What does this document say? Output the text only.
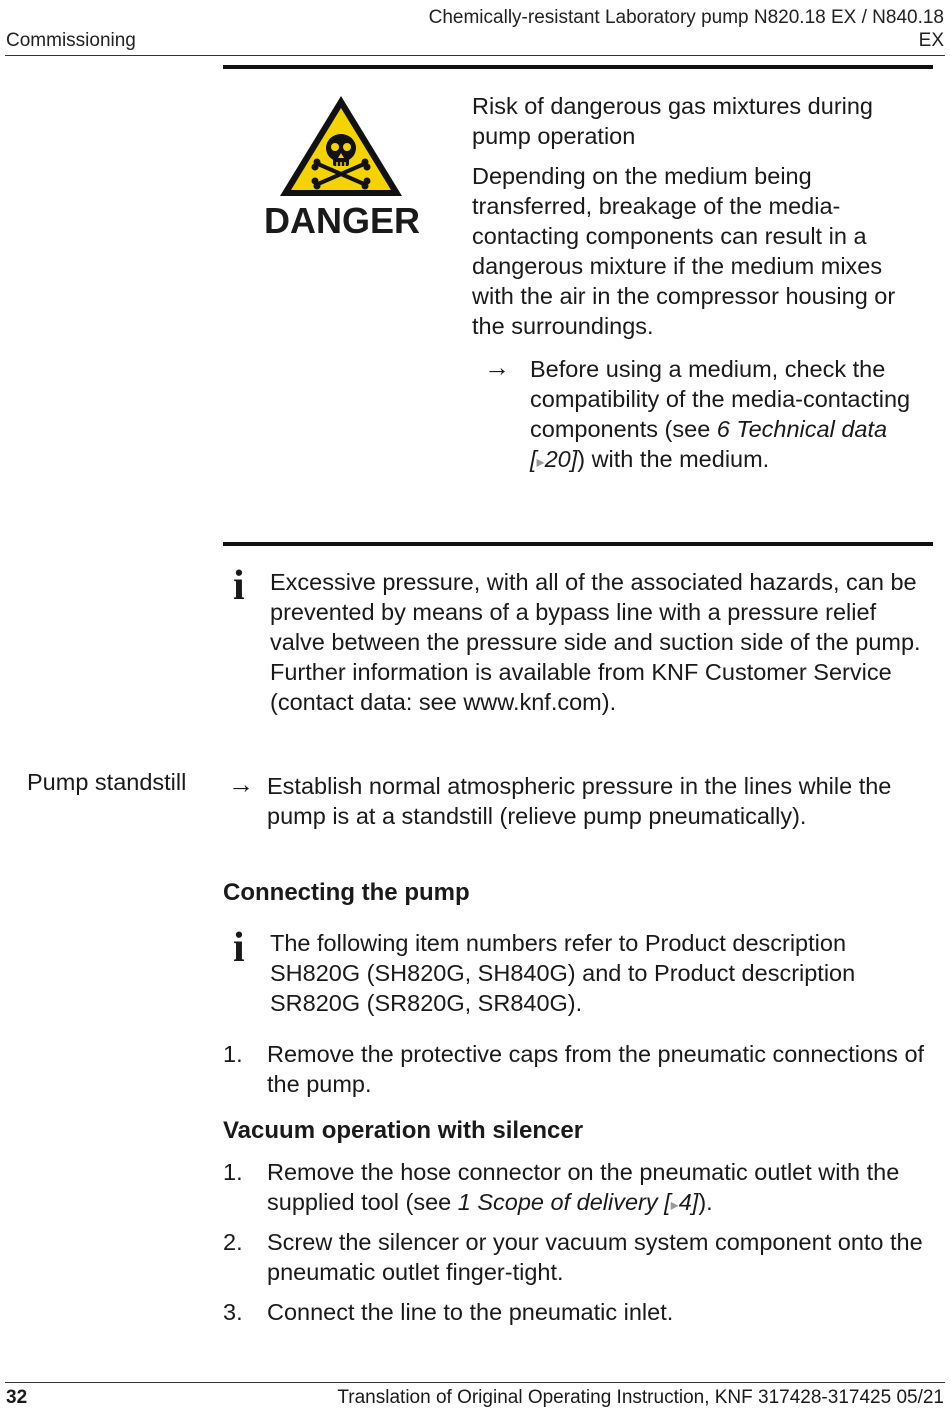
Chemically-resistant Laboratory pump N820.18 EX / N840.18
EX
Commissioning
DANGER
Risk of dangerous gas mixtures during pump operation
Depending on the medium being transferred, breakage of the media-contacting components can result in a dangerous mixture if the medium mixes with the air in the compressor housing or the surroundings.
→ Before using a medium, check the compatibility of the media-contacting components (see 6 Technical data [▸20]) with the medium.
i Excessive pressure, with all of the associated hazards, can be prevented by means of a bypass line with a pressure relief valve between the pressure side and suction side of the pump. Further information is available from KNF Customer Service (contact data: see www.knf.com).
Pump standstill → Establish normal atmospheric pressure in the lines while the pump is at a standstill (relieve pump pneumatically).
Connecting the pump
i The following item numbers refer to Product description SH820G (SH820G, SH840G) and to Product description SR820G (SR820G, SR840G).
1.	Remove the protective caps from the pneumatic connections of the pump.
Vacuum operation with silencer
1.	Remove the hose connector on the pneumatic outlet with the supplied tool (see 1 Scope of delivery [▸4]).
2.	Screw the silencer or your vacuum system component onto the pneumatic outlet finger-tight.
3.	Connect the line to the pneumatic inlet.
32	Translation of Original Operating Instruction, KNF 317428-317425 05/21
